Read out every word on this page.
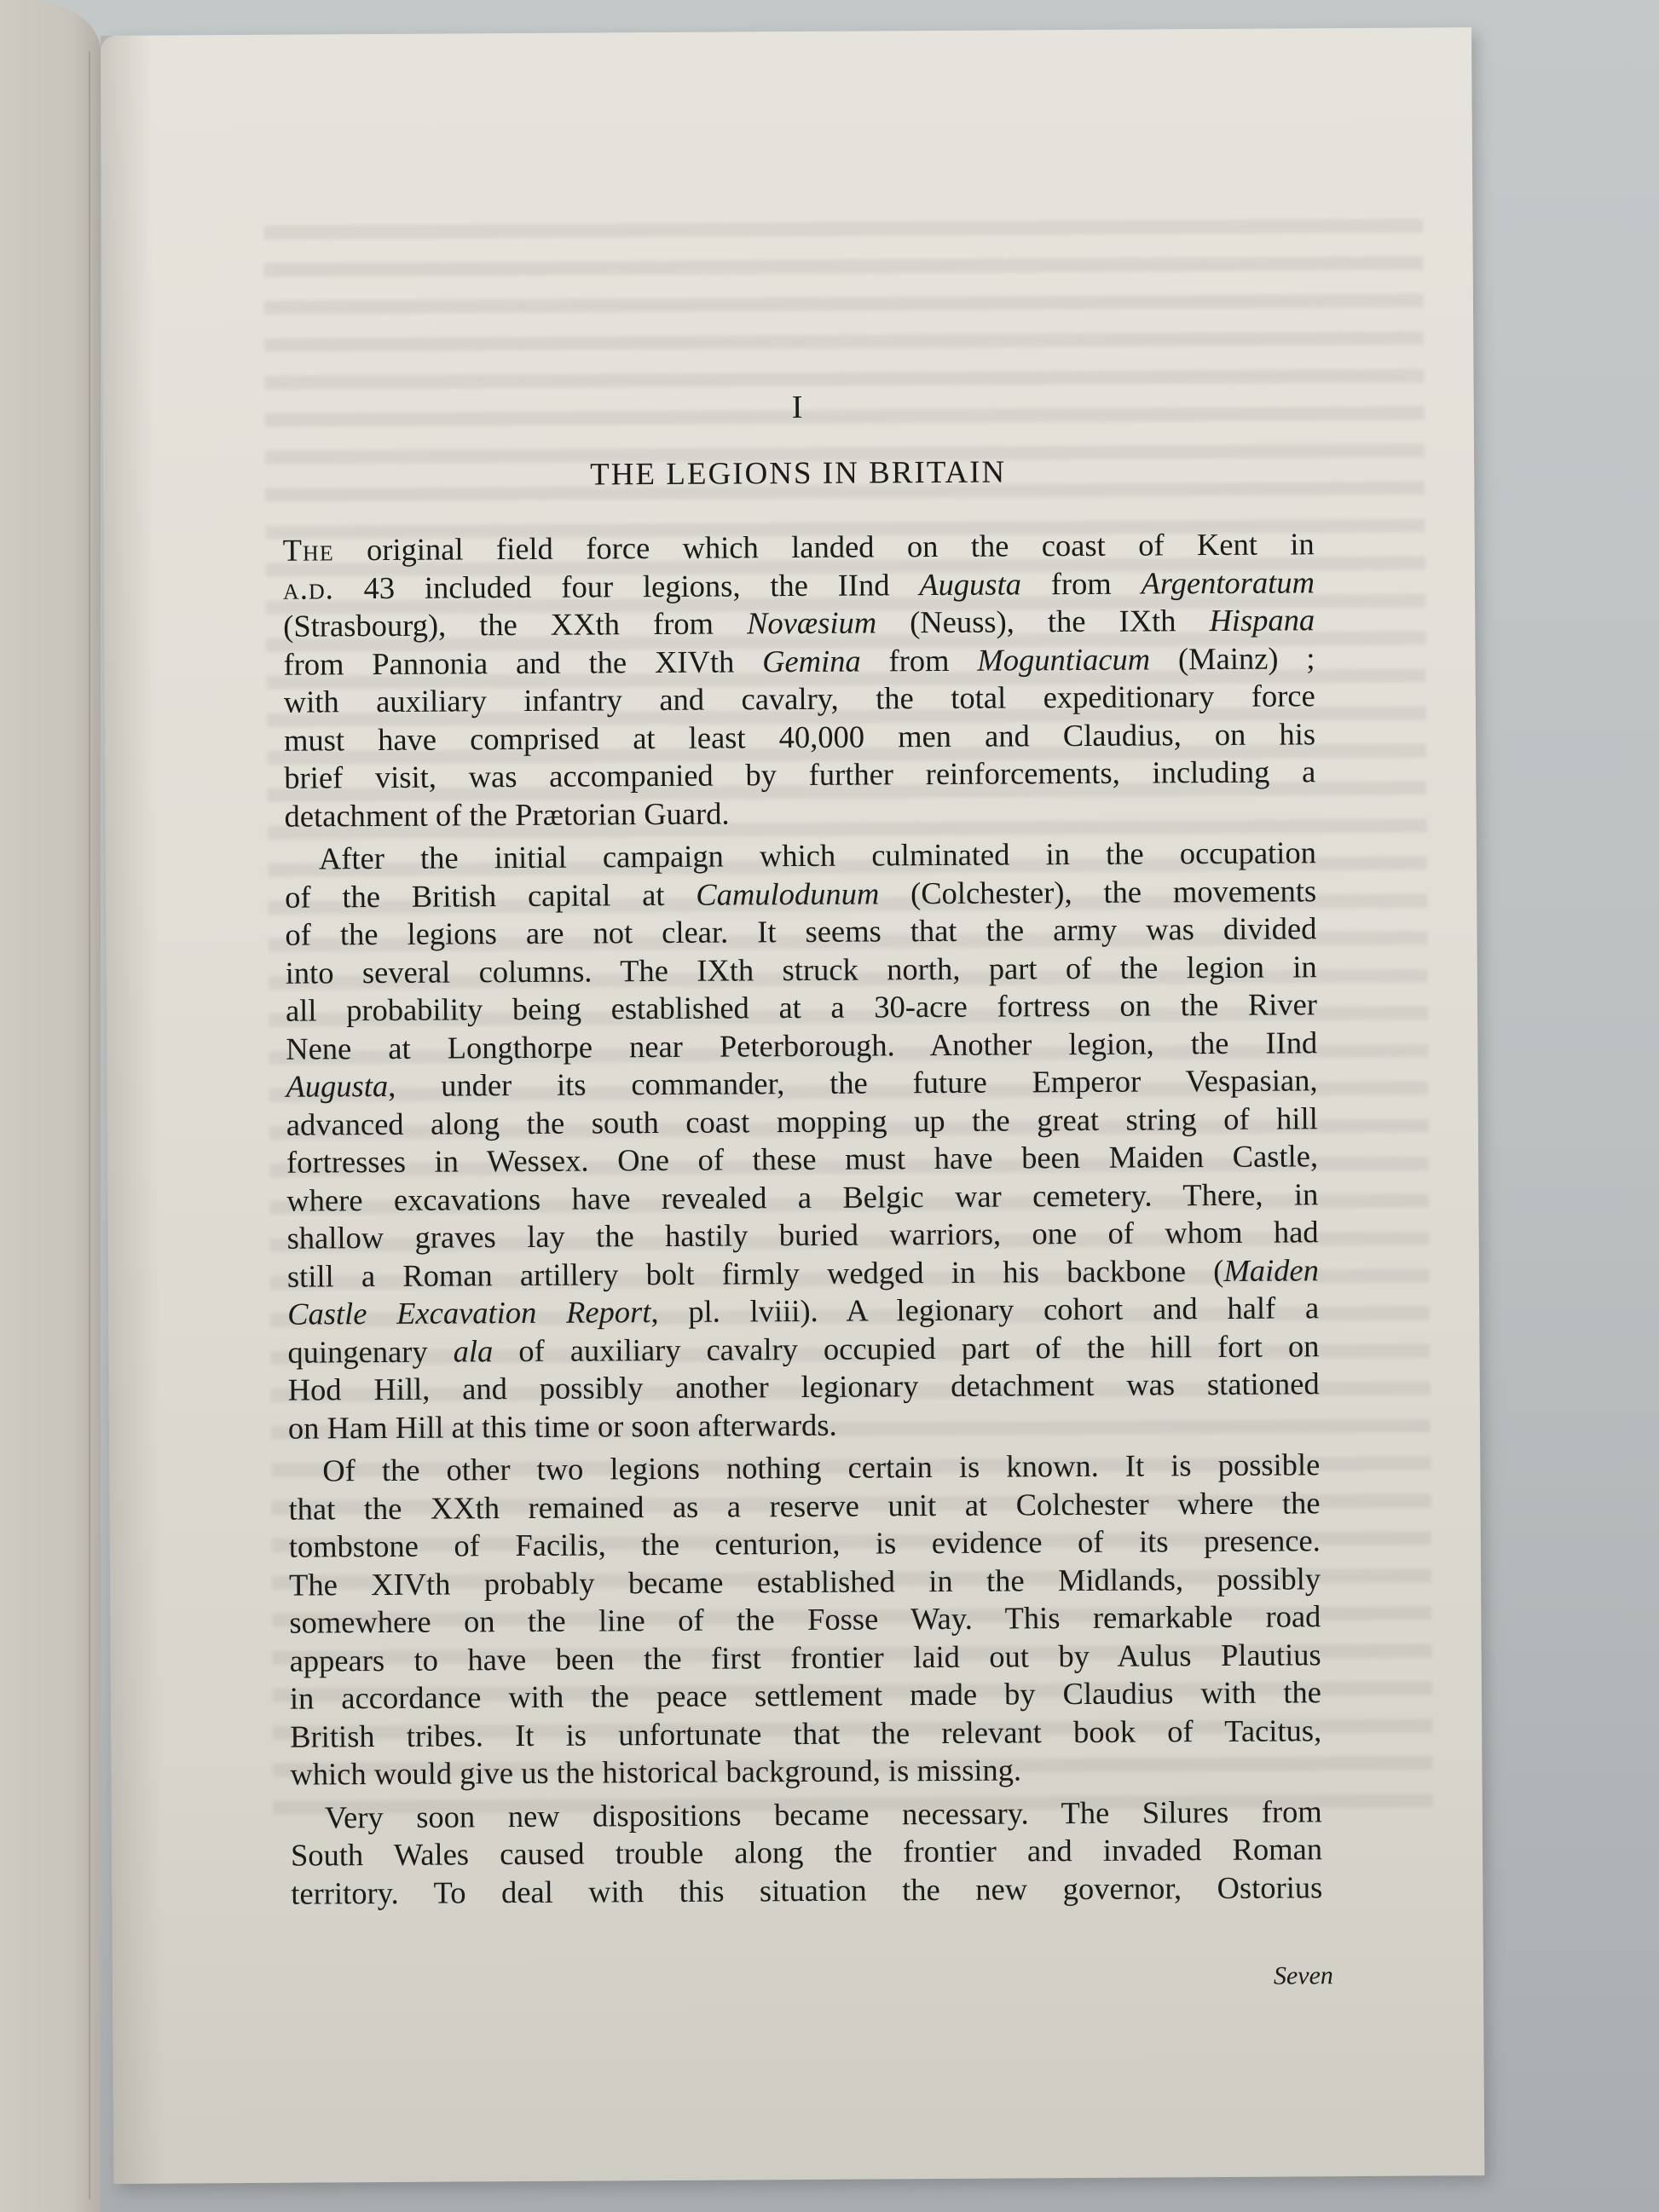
I
THE LEGIONS IN BRITAIN

The original field force which landed on the coast of Kent in
a.d. 43 included four legions, the IInd Augusta from Argentoratum
(Strasbourg), the XXth from Novæsium (Neuss), the IXth Hispana
from Pannonia and the XIVth Gemina from Moguntiacum (Mainz) ;
with auxiliary infantry and cavalry, the total expeditionary force
must have comprised at least 40,000 men and Claudius, on his
brief visit, was accompanied by further reinforcements, including a
detachment of the Prætorian Guard.

After the initial campaign which culminated in the occupation
of the British capital at Camulodunum (Colchester), the movements
of the legions are not clear. It seems that the army was divided
into several columns. The IXth struck north, part of the legion in
all probability being established at a 30-acre fortress on the River
Nene at Longthorpe near Peterborough. Another legion, the IInd
Augusta, under its commander, the future Emperor Vespasian,
advanced along the south coast mopping up the great string of hill
fortresses in Wessex. One of these must have been Maiden Castle,
where excavations have revealed a Belgic war cemetery. There, in
shallow graves lay the hastily buried warriors, one of whom had
still a Roman artillery bolt firmly wedged in his backbone (Maiden
Castle Excavation Report, pl. lviii). A legionary cohort and half a
quingenary ala of auxiliary cavalry occupied part of the hill fort on
Hod Hill, and possibly another legionary detachment was stationed
on Ham Hill at this time or soon afterwards.

Of the other two legions nothing certain is known. It is possible
that the XXth remained as a reserve unit at Colchester where the
tombstone of Facilis, the centurion, is evidence of its presence.
The XIVth probably became established in the Midlands, possibly
somewhere on the line of the Fosse Way. This remarkable road
appears to have been the first frontier laid out by Aulus Plautius
in accordance with the peace settlement made by Claudius with the
British tribes. It is unfortunate that the relevant book of Tacitus,
which would give us the historical background, is missing.

Very soon new dispositions became necessary. The Silures from
South Wales caused trouble along the frontier and invaded Roman
territory. To deal with this situation the new governor, Ostorius

Seven
